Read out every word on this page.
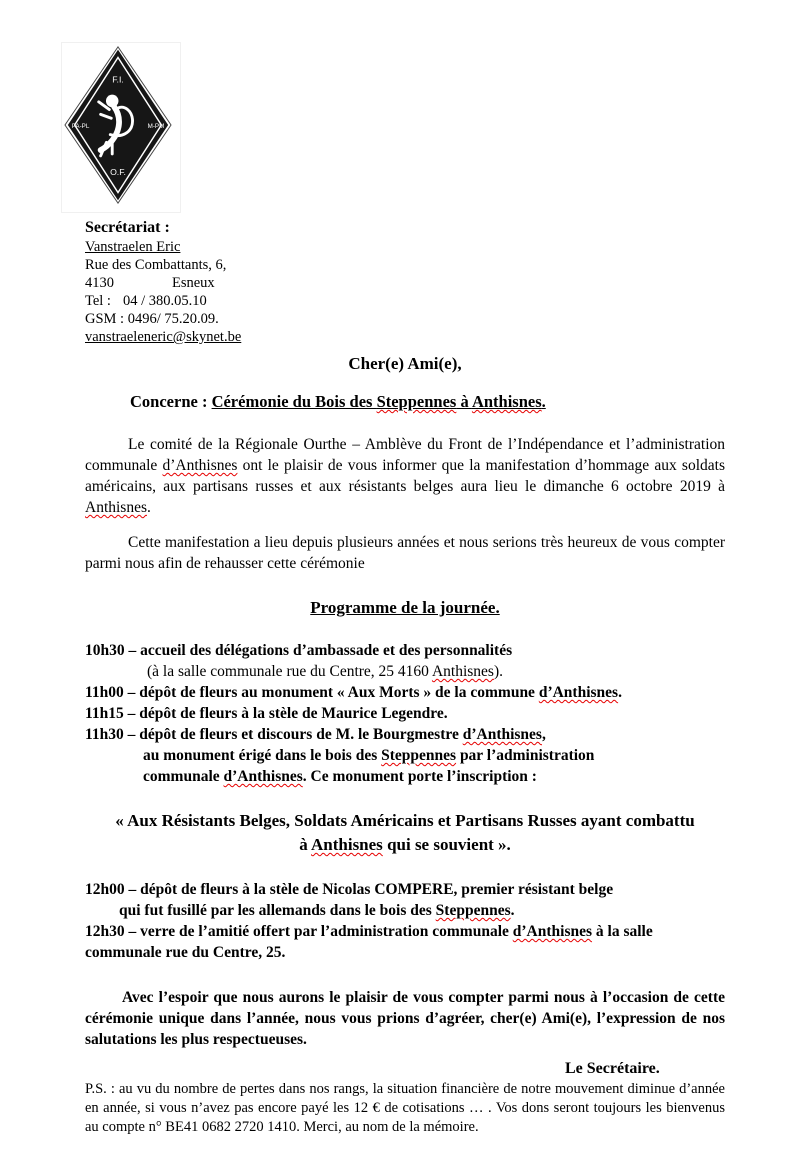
F.I.
PA-PL	M-PM
O.F.
Secrétariat :
Vanstraelen Eric
Rue des Combattants, 6,
4130	Esneux
Tel : 04 / 380.05.10
GSM : 0496/ 75.20.09.
vanstraeleneric@skynet.be
Cher(e) Ami(e),
Concerne : Cérémonie du Bois des Steppennes à Anthisnes.

Le comité de la Régionale Ourthe – Amblève du Front de l’Indépendance et l’administration communale d’Anthisnes ont le plaisir de vous informer que la manifestation d’hommage aux soldats américains, aux partisans russes et aux résistants belges aura lieu le dimanche 6 octobre 2019 à Anthisnes.

Cette manifestation a lieu depuis plusieurs années et nous serions très heureux de vous compter parmi nous afin de rehausser cette cérémonie

Programme de la journée.
10h30 – accueil des délégations d’ambassade et des personnalités
(à la salle communale rue du Centre, 25 4160 Anthisnes).
11h00 – dépôt de fleurs au monument « Aux Morts » de la commune d’Anthisnes.
11h15 – dépôt de fleurs à la stèle de Maurice Legendre.
11h30 – dépôt de fleurs et discours de M. le Bourgmestre d’Anthisnes,
au monument érigé dans le bois des Steppennes par l’administration
communale d’Anthisnes. Ce monument porte l’inscription :
« Aux Résistants Belges, Soldats Américains et Partisans Russes ayant combattu à Anthisnes qui se souvient ».
12h00 – dépôt de fleurs à la stèle de Nicolas COMPERE, premier résistant belge
qui fut fusillé par les allemands dans le bois des Steppennes.
12h30 – verre de l’amitié offert par l’administration communale d’Anthisnes à la salle communale rue du Centre, 25.

Avec l’espoir que nous aurons le plaisir de vous compter parmi nous à l’occasion de cette cérémonie unique dans l’année, nous vous prions d’agréer, cher(e) Ami(e), l’expression de nos salutations les plus respectueuses.

Le Secrétaire.

P.S. : au vu du nombre de pertes dans nos rangs, la situation financière de notre mouvement diminue d’année en année, si vous n’avez pas encore payé les 12 € de cotisations … . Vos dons seront toujours les bienvenus au compte n° BE41 0682 2720 1410. Merci, au nom de la mémoire.
